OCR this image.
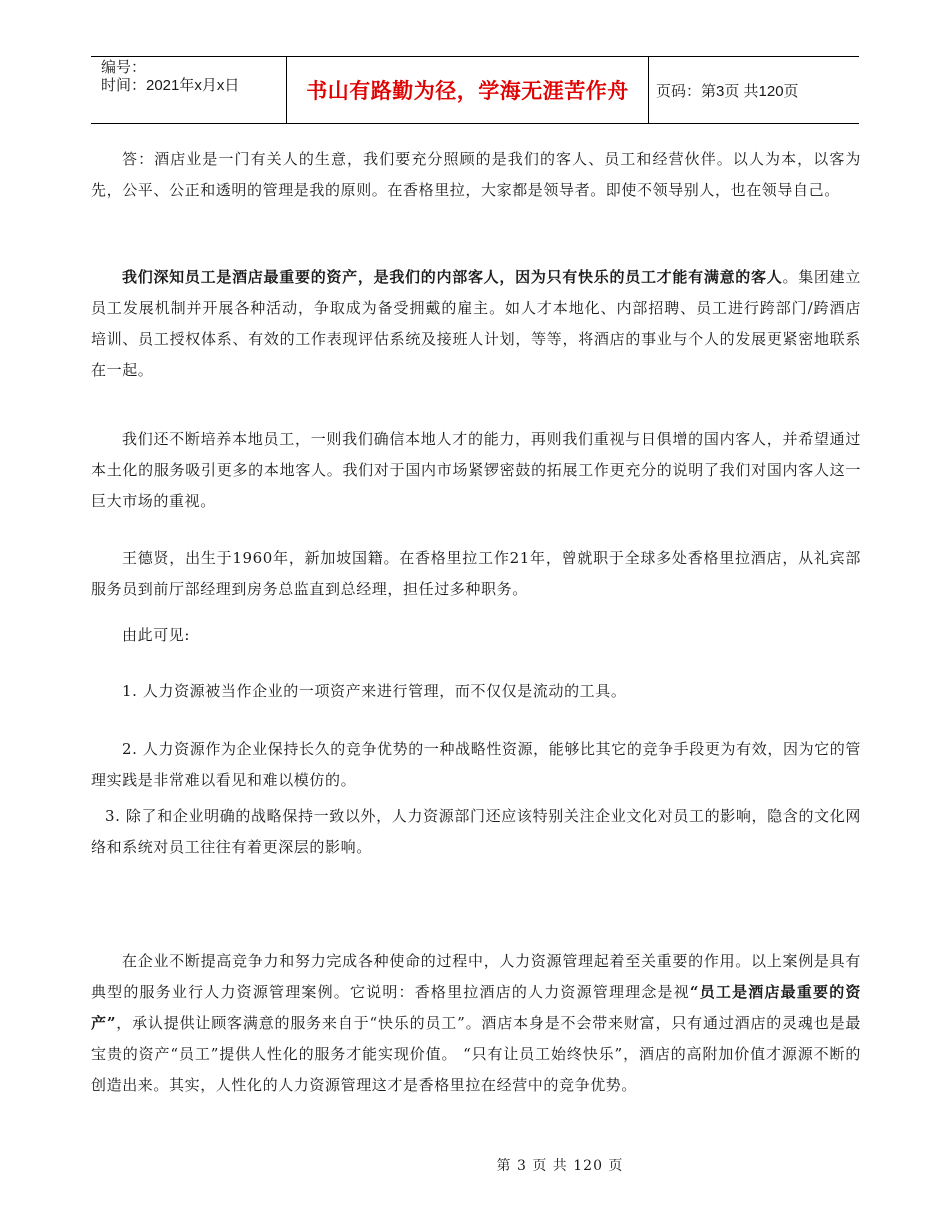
编号：
时间：2021年x月x日	书山有路勤为径，学海无涯苦作舟	页码：第3页 共120页

答：酒店业是一门有关人的生意，我们要充分照顾的是我们的客人、员工和经营伙伴。以人为本，以客为先，公平、公正和透明的管理是我的原则。在香格里拉，大家都是领导者。即使不领导别人，也在领导自己。

我们深知员工是酒店最重要的资产，是我们的内部客人，因为只有快乐的员工才能有满意的客人。集团建立员工发展机制并开展各种活动，争取成为备受拥戴的雇主。如人才本地化、内部招聘、员工进行跨部门/跨酒店培训、员工授权体系、有效的工作表现评估系统及接班人计划，等等，将酒店的事业与个人的发展更紧密地联系在一起。

我们还不断培养本地员工，一则我们确信本地人才的能力，再则我们重视与日俱增的国内客人，并希望通过本土化的服务吸引更多的本地客人。我们对于国内市场紧锣密鼓的拓展工作更充分的说明了我们对国内客人这一巨大市场的重视。

王德贤，出生于1960年，新加坡国籍。在香格里拉工作21年，曾就职于全球多处香格里拉酒店，从礼宾部服务员到前厅部经理到房务总监直到总经理，担任过多种职务。

由此可见:

1. 人力资源被当作企业的一项资产来进行管理，而不仅仅是流动的工具。

2. 人力资源作为企业保持长久的竞争优势的一种战略性资源，能够比其它的竞争手段更为有效，因为它的管理实践是非常难以看见和难以模仿的。

3. 除了和企业明确的战略保持一致以外，人力资源部门还应该特别关注企业文化对员工的影响，隐含的文化网络和系统对员工往往有着更深层的影响。

在企业不断提高竞争力和努力完成各种使命的过程中，人力资源管理起着至关重要的作用。以上案例是具有典型的服务业行人力资源管理案例。它说明：香格里拉酒店的人力资源管理理念是视“员工是酒店最重要的资产”，承认提供让顾客满意的服务来自于“快乐的员工”。酒店本身是不会带来财富，只有通过酒店的灵魂也是最宝贵的资产“员工”提供人性化的服务才能实现价值。 “只有让员工始终快乐”，酒店的高附加价值才源源不断的创造出来。其实，人性化的人力资源管理这才是香格里拉在经营中的竞争优势。

第 3 页 共 120 页
